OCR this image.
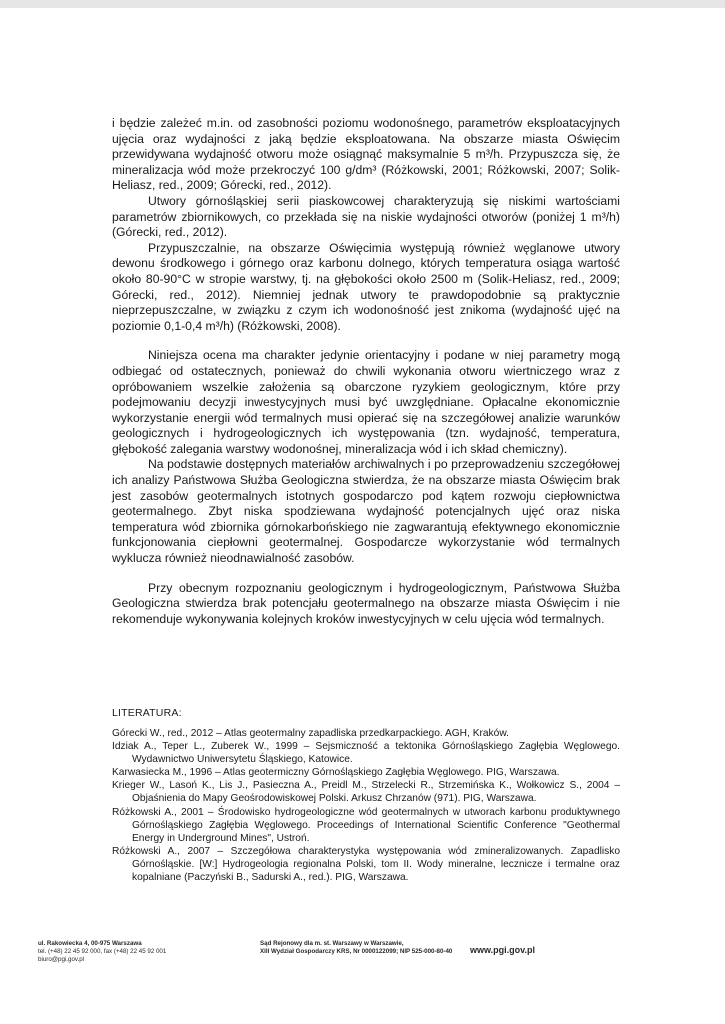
i będzie zależeć m.in. od zasobności poziomu wodonośnego, parametrów eksploatacyjnych ujęcia oraz wydajności z jaką będzie eksploatowana. Na obszarze miasta Oświęcim przewidywana wydajność otworu może osiągnąć maksymalnie 5 m³/h. Przypuszcza się, że mineralizacja wód może przekroczyć 100 g/dm³ (Różkowski, 2001; Różkowski, 2007; Solik-Heliasz, red., 2009; Górecki, red., 2012).

Utwory górnośląskiej serii piaskowcowej charakteryzują się niskimi wartościami parametrów zbiornikowych, co przekłada się na niskie wydajności otworów (poniżej 1 m³/h) (Górecki, red., 2012).

Przypuszczalnie, na obszarze Oświęcimia występują również węglanowe utwory dewonu środkowego i górnego oraz karbonu dolnego, których temperatura osiąga wartość około 80-90°C w stropie warstwy, tj. na głębokości około 2500 m (Solik-Heliasz, red., 2009; Górecki, red., 2012). Niemniej jednak utwory te prawdopodobnie są praktycznie nieprzepuszczalne, w związku z czym ich wodonośność jest znikoma (wydajność ujęć na poziomie 0,1-0,4 m³/h) (Różkowski, 2008).

Niniejsza ocena ma charakter jedynie orientacyjny i podane w niej parametry mogą odbiegać od ostatecznych, ponieważ do chwili wykonania otworu wiertniczego wraz z opróbowaniem wszelkie założenia są obarczone ryzykiem geologicznym, które przy podejmowaniu decyzji inwestycyjnych musi być uwzględniane. Opłacalne ekonomicznie wykorzystanie energii wód termalnych musi opierać się na szczegółowej analizie warunków geologicznych i hydrogeologicznych ich występowania (tzn. wydajność, temperatura, głębokość zalegania warstwy wodonośnej, mineralizacja wód i ich skład chemiczny).

Na podstawie dostępnych materiałów archiwalnych i po przeprowadzeniu szczegółowej ich analizy Państwowa Służba Geologiczna stwierdza, że na obszarze miasta Oświęcim brak jest zasobów geotermalnych istotnych gospodarczo pod kątem rozwoju ciepłownictwa geotermalnego. Zbyt niska spodziewana wydajność potencjalnych ujęć oraz niska temperatura wód zbiornika górnokarbońskiego nie zagwarantują efektywnego ekonomicznie funkcjonowania ciepłowni geotermalnej. Gospodarcze wykorzystanie wód termalnych wyklucza również nieodnawialność zasobów.

Przy obecnym rozpoznaniu geologicznym i hydrogeologicznym, Państwowa Służba Geologiczna stwierdza brak potencjału geotermalnego na obszarze miasta Oświęcim i nie rekomenduje wykonywania kolejnych kroków inwestycyjnych w celu ujęcia wód termalnych.

LITERATURA:

Górecki W., red., 2012 – Atlas geotermalny zapadliska przedkarpackiego. AGH, Kraków.

Idziak A., Teper L., Zuberek W., 1999 – Sejsmiczność a tektonika Górnośląskiego Zagłębia Węglowego. Wydawnictwo Uniwersytetu Śląskiego, Katowice.

Karwasiecka M., 1996 – Atlas geotermiczny Górnośląskiego Zagłębia Węglowego. PIG, Warszawa.

Krieger W., Lasoń K., Lis J., Pasieczna A., Preidl M., Strzelecki R., Strzemińska K., Wołkowicz S., 2004 – Objaśnienia do Mapy Geośrodowiskowej Polski. Arkusz Chrzanów (971). PIG, Warszawa.

Różkowski A., 2001 – Środowisko hydrogeologiczne wód geotermalnych w utworach karbonu produktywnego Górnośląskiego Zagłębia Węglowego. Proceedings of International Scientific Conference "Geothermal Energy in Underground Mines", Ustroń.

Różkowski A., 2007 – Szczegółowa charakterystyka występowania wód zmineralizowanych. Zapadlisko Górnośląskie. [W:] Hydrogeologia regionalna Polski, tom II. Wody mineralne, lecznicze i termalne oraz kopalniane (Paczyński B., Sadurski A., red.). PIG, Warszawa.

ul. Rakowiecka 4, 00-975 Warszawa
tel. (+48) 22 45 92 000, fax (+48) 22 45 92 001
biuro@pgi.gov.pl
Sąd Rejonowy dla m. st. Warszawy w Warszawie,
XIII Wydział Gospodarczy KRS, Nr 0000122099; NIP 525-000-80-40	www.pgi.gov.pl
